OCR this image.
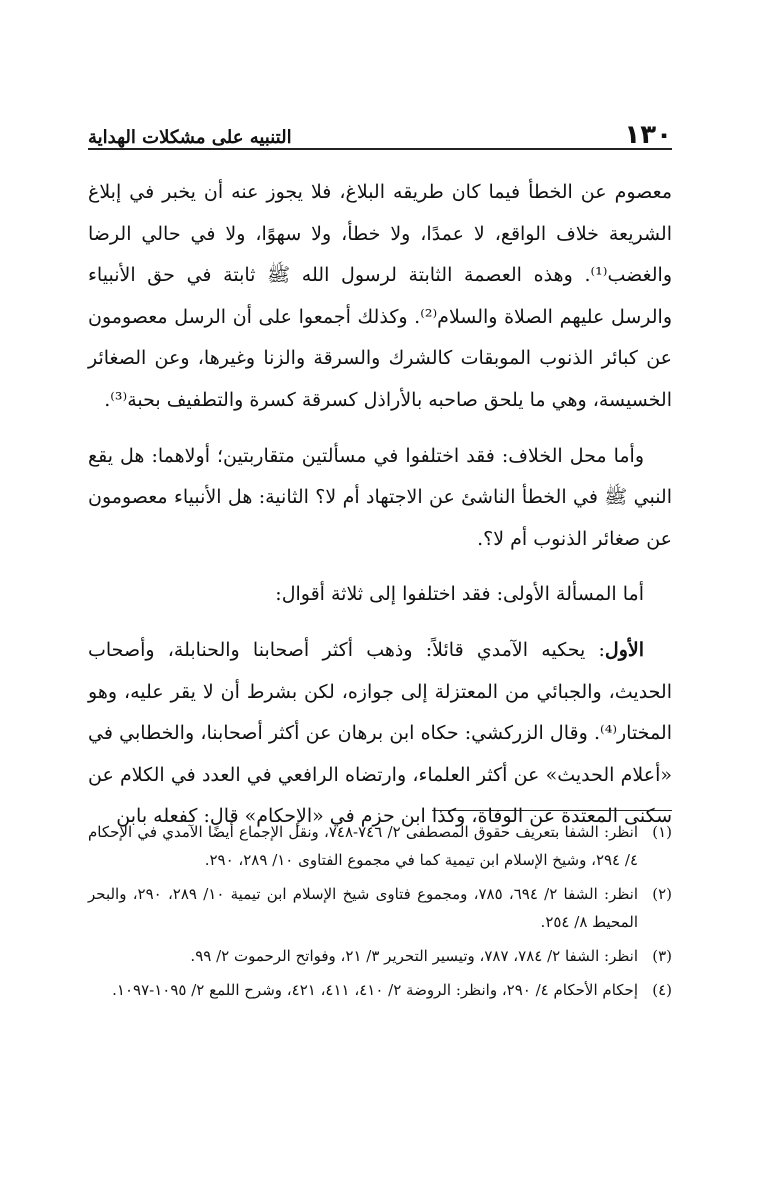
التنبيه على مشكلات الهداية	١٣٠

معصوم عن الخطأ فيما كان طريقه البلاغ، فلا يجوز عنه أن يخبر في إبلاغ الشريعة خلاف الواقع، لا عمدًا، ولا خطأ، ولا سهوًا، ولا في حالي الرضا والغضب⁽¹⁾. وهذه العصمة الثابتة لرسول الله ﷺ ثابتة في حق الأنبياء والرسل عليهم الصلاة والسلام⁽²⁾. وكذلك أجمعوا على أن الرسل معصومون عن كبائر الذنوب الموبقات كالشرك والسرقة والزنا وغيرها، وعن الصغائر الخسيسة، وهي ما يلحق صاحبه بالأراذل كسرقة كسرة والتطفيف بحبة⁽³⁾.

وأما محل الخلاف: فقد اختلفوا في مسألتين متقاربتين؛ أولاهما: هل يقع النبي ﷺ في الخطأ الناشئ عن الاجتهاد أم لا؟ الثانية: هل الأنبياء معصومون عن صغائر الذنوب أم لا؟.

أما المسألة الأولى: فقد اختلفوا إلى ثلاثة أقوال:

الأول: يحكيه الآمدي قائلاً: وذهب أكثر أصحابنا والحنابلة، وأصحاب الحديث، والجبائي من المعتزلة إلى جوازه، لكن بشرط أن لا يقر عليه، وهو المختار⁽⁴⁾. وقال الزركشي: حكاه ابن برهان عن أكثر أصحابنا، والخطابي في «أعلام الحديث» عن أكثر العلماء، وارتضاه الرافعي في العدد في الكلام عن سكنى المعتدة عن الوفاة، وكذا ابن حزم في «الإحكام» قال: كفعله بابن

(١)
انظر: الشفا بتعريف حقوق المصطفى ٢/ ٧٤٦-٧٤٨، ونقل الإجماع أيضًا الآمدي في الإحكام ٤/ ٢٩٤، وشيخ الإسلام ابن تيمية كما في مجموع الفتاوى ١٠/ ٢٨٩، ٢٩٠.
(٢)
انظر: الشفا ٢/ ٦٩٤، ٧٨٥، ومجموع فتاوى شيخ الإسلام ابن تيمية ١٠/ ٢٨٩، ٢٩٠، والبحر المحيط ٨/ ٢٥٤.
(٣)
انظر: الشفا ٢/ ٧٨٤، ٧٨٧، وتيسير التحرير ٣/ ٢١، وفواتح الرحموت ٢/ ٩٩.
(٤)
إحكام الأحكام ٤/ ٢٩٠، وانظر: الروضة ٢/ ٤١٠، ٤١١، ٤٢١، وشرح اللمع ٢/ ١٠٩٥-١٠٩٧.
